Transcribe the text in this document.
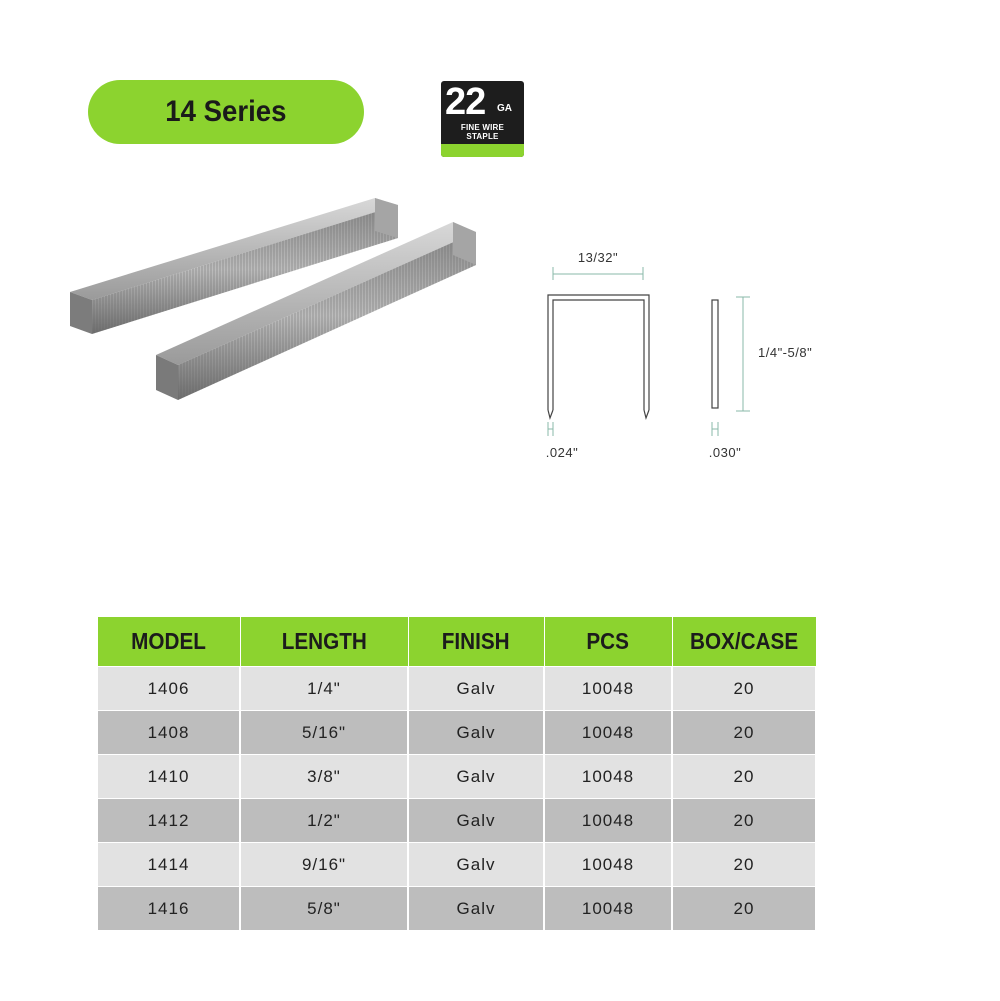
14 Series	22 GA
FINE WIRE
STAPLE
13/32"
.024"
1/4"-5/8"
.030"
MODEL	LENGTH	FINISH	PCS	BOX/CASE
1406	1/4"	Galv	10048	20
1408	5/16"	Galv	10048	20
1410	3/8"	Galv	10048	20
1412	1/2"	Galv	10048	20
1414	9/16"	Galv	10048	20
1416	5/8"	Galv	10048	20
